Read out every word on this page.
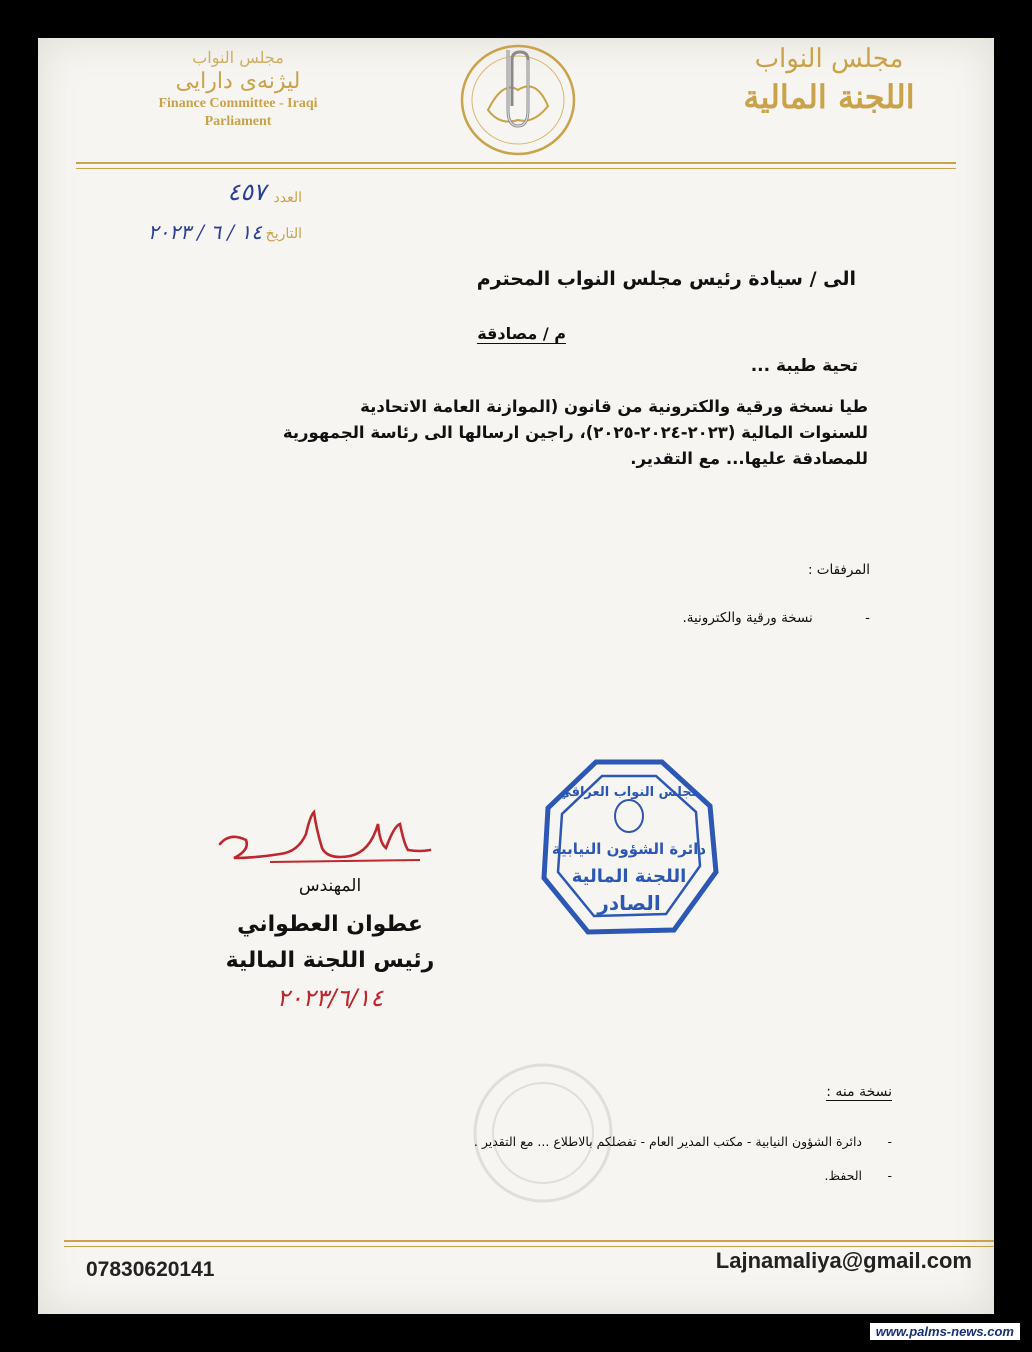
مجلس النواب
لیژنه‌ی دارایی
Finance Committee - Iraqi
Parliament
مجلس النواب
اللجنة المالية
العدد
٤٥٧
التاريخ
١٤ / ٦ / ٢٠٢٣
الى / سيادة رئيس مجلس النواب المحترم
م / مصادقة
تحية طيبة ...
طيا نسخة ورقية والكترونية من قانون (الموازنة العامة الاتحادية
للسنوات المالية (٢٠٢٣-٢٠٢٤-٢٠٢٥)، راجين ارسالها الى رئاسة الجمهورية
للمصادقة عليها... مع التقدير.
المرفقات :
- نسخة ورقية والكترونية.
مجلس النواب العراقي
دائرة الشؤون النيابية
اللجنة المالية
الصادر
المهندس
عطوان العطواني
رئيس اللجنة المالية
٢٠٢٣/٦/١٤
نسخة منه :
-
دائرة الشؤون النيابية - مكتب المدير العام - تفضلكم بالاطلاع ... مع التقدير .
-
الحفظ.
07830620141	Lajnamaliya@gmail.com
www.palms-news.com
